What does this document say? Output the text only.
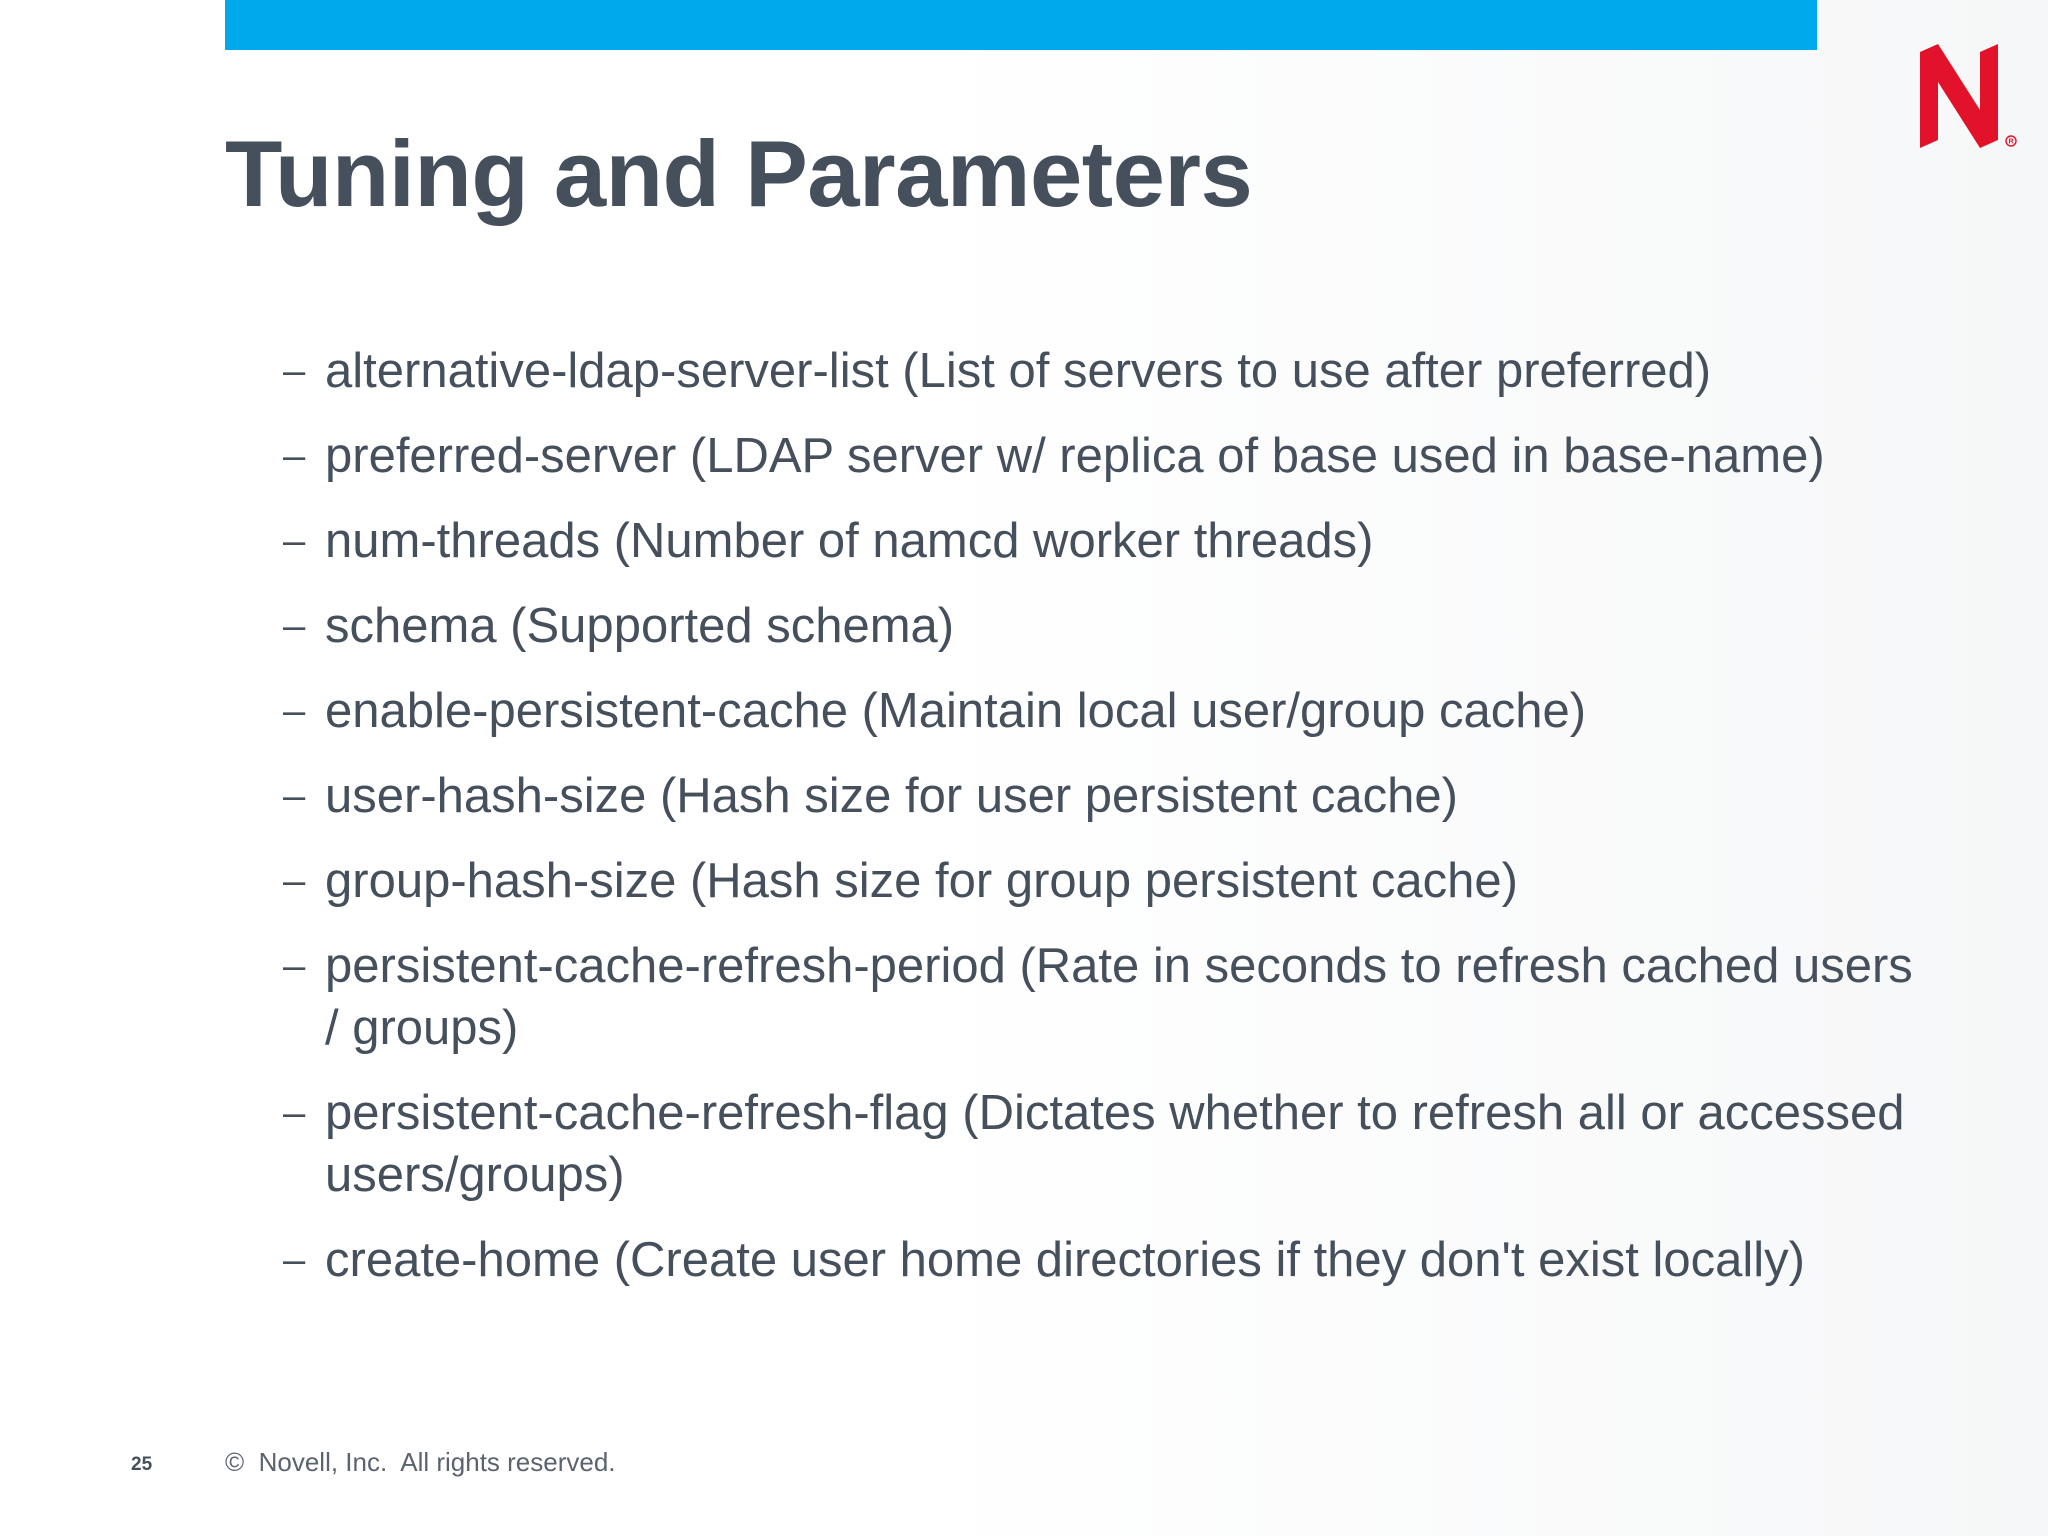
R
Tuning and Parameters
– alternative-ldap-server-list (List of servers to use after preferred)
– preferred-server (LDAP server w/ replica of base used in base-name)
– num-threads (Number of namcd worker threads)
– schema (Supported schema)
– enable-persistent-cache (Maintain local user/group cache)
– user-hash-size (Hash size for user persistent cache)
– group-hash-size (Hash size for group persistent cache)
– persistent-cache-refresh-period (Rate in seconds to refresh cached users / groups)
– persistent-cache-refresh-flag (Dictates whether to refresh all or accessed users/groups)
– create-home (Create user home directories if they don't exist locally)
25	©  Novell, Inc.  All rights reserved.
